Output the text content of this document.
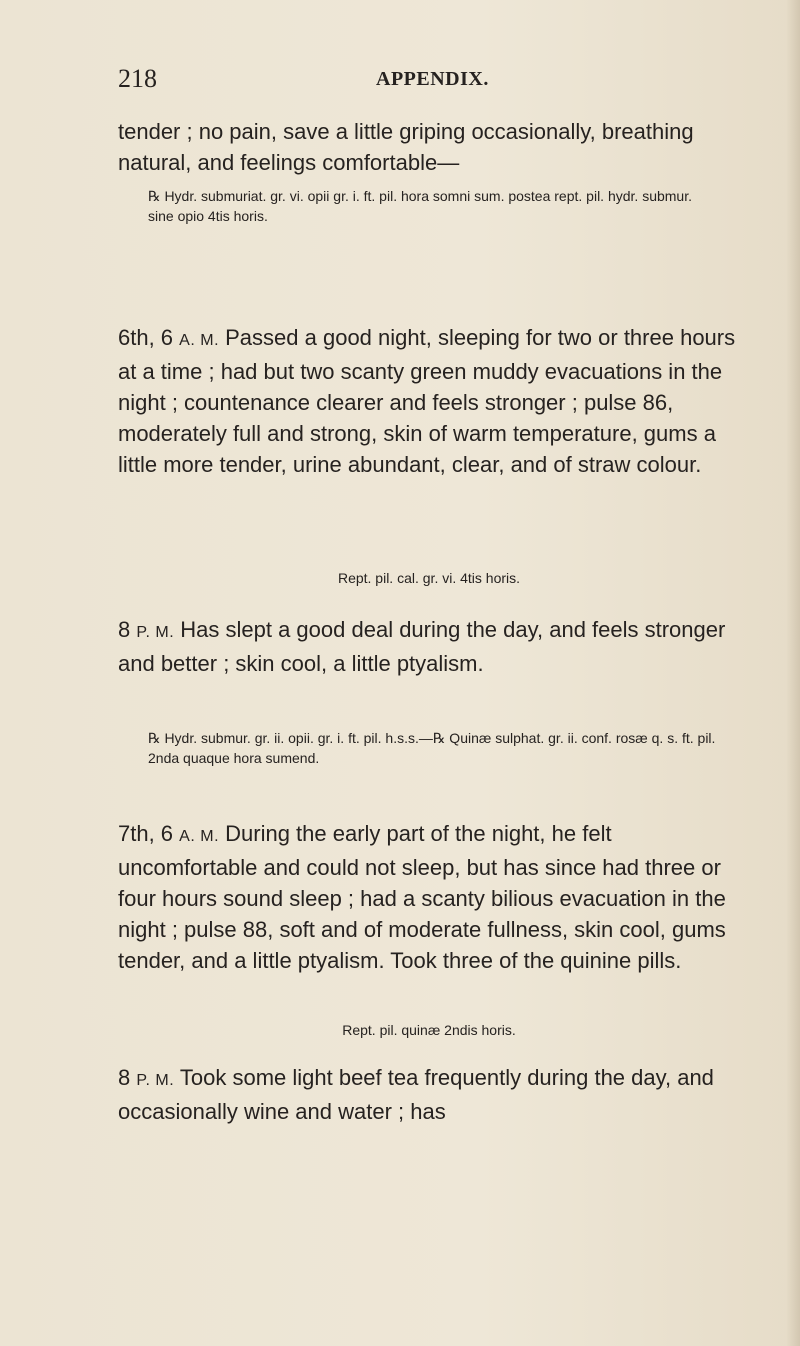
218	APPENDIX.

tender ; no pain, save a little griping occasionally, breathing natural, and feelings comfortable—

℞ Hydr. submuriat. gr. vi. opii gr. i. ft. pil. hora somni sum. postea rept. pil. hydr. submur. sine opio 4tis horis.

6th, 6 A. M. Passed a good night, sleeping for two or three hours at a time ; had but two scanty green muddy evacuations in the night ; countenance clearer and feels stronger ; pulse 86, moderately full and strong, skin of warm temperature, gums a little more tender, urine abundant, clear, and of straw colour.

Rept. pil. cal. gr. vi. 4tis horis.

8 P. M. Has slept a good deal during the day, and feels stronger and better ; skin cool, a little ptyalism.

℞ Hydr. submur. gr. ii. opii. gr. i. ft. pil. h.s.s.—℞ Quinæ sulphat. gr. ii. conf. rosæ q. s. ft. pil. 2nda quaque hora sumend.

7th, 6 A. M. During the early part of the night, he felt uncomfortable and could not sleep, but has since had three or four hours sound sleep ; had a scanty bilious evacuation in the night ; pulse 88, soft and of moderate fullness, skin cool, gums tender, and a little ptyalism. Took three of the quinine pills.

Rept. pil. quinæ 2ndis horis.

8 P. M. Took some light beef tea frequently during the day, and occasionally wine and water ; has
